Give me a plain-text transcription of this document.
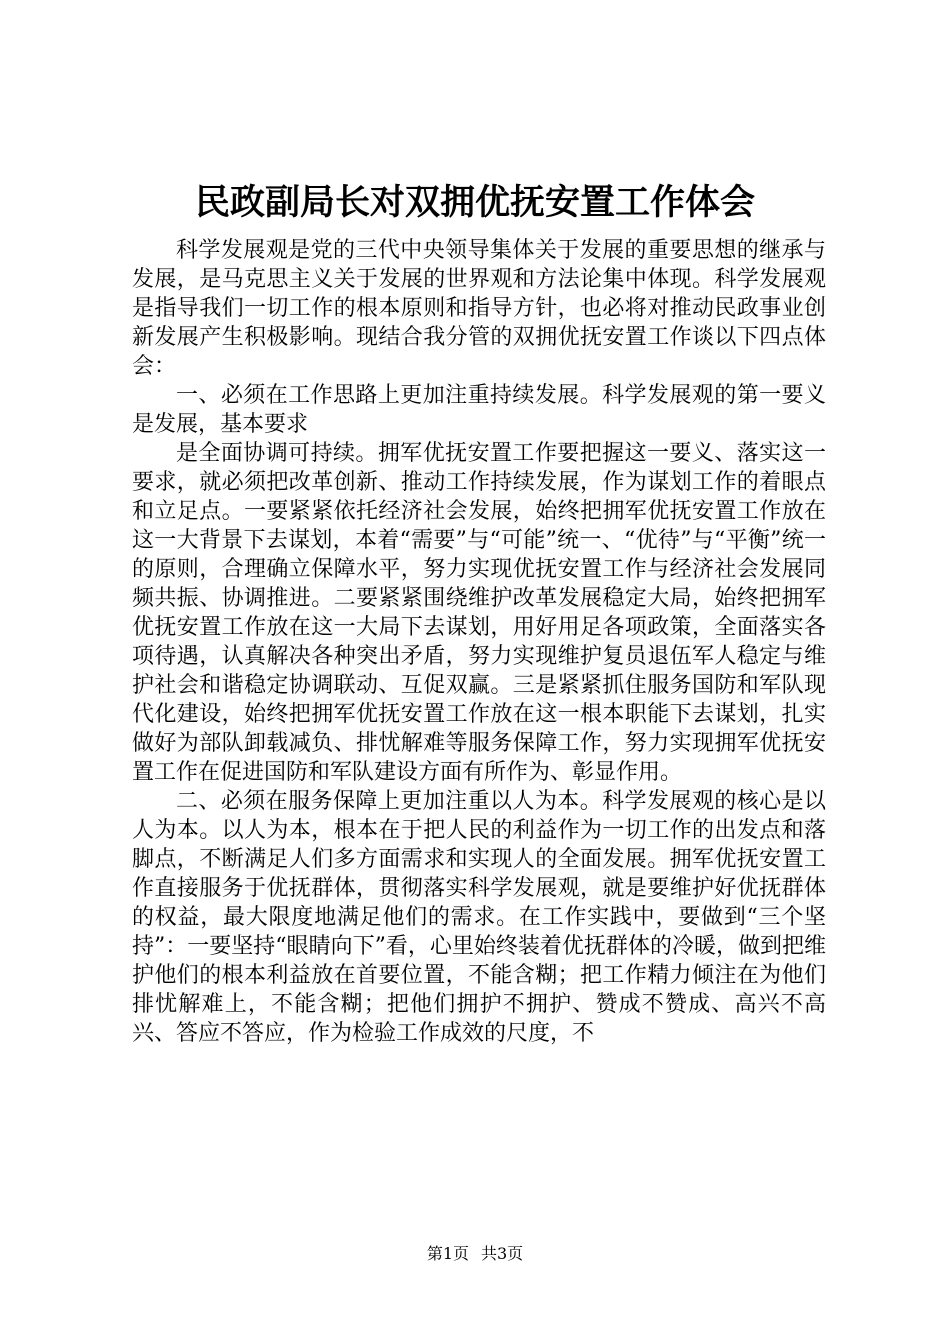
民政副局长对双拥优抚安置工作体会

科学发展观是党的三代中央领导集体关于发展的重要思想的继承与发展，是马克思主义关于发展的世界观和方法论集中体现。科学发展观是指导我们一切工作的根本原则和指导方针，也必将对推动民政事业创新发展产生积极影响。现结合我分管的双拥优抚安置工作谈以下四点体会：

一、必须在工作思路上更加注重持续发展。科学发展观的第一要义是发展，基本要求

是全面协调可持续。拥军优抚安置工作要把握这一要义、落实这一要求，就必须把改革创新、推动工作持续发展，作为谋划工作的着眼点和立足点。一要紧紧依托经济社会发展，始终把拥军优抚安置工作放在这一大背景下去谋划，本着“需要”与“可能”统一、“优待”与“平衡”统一的原则，合理确立保障水平，努力实现优抚安置工作与经济社会发展同频共振、协调推进。二要紧紧围绕维护改革发展稳定大局，始终把拥军优抚安置工作放在这一大局下去谋划，用好用足各项政策，全面落实各项待遇，认真解决各种突出矛盾，努力实现维护复员退伍军人稳定与维护社会和谐稳定协调联动、互促双赢。三是紧紧抓住服务国防和军队现代化建设，始终把拥军优抚安置工作放在这一根本职能下去谋划，扎实做好为部队卸载减负、排忧解难等服务保障工作，努力实现拥军优抚安置工作在促进国防和军队建设方面有所作为、彰显作用。

二、必须在服务保障上更加注重以人为本。科学发展观的核心是以人为本。以人为本，根本在于把人民的利益作为一切工作的出发点和落脚点，不断满足人们多方面需求和实现人的全面发展。拥军优抚安置工作直接服务于优抚群体，贯彻落实科学发展观，就是要维护好优抚群体的权益，最大限度地满足他们的需求。在工作实践中，要做到“三个坚持”：一要坚持“眼睛向下”看，心里始终装着优抚群体的冷暖，做到把维护他们的根本利益放在首要位置，不能含糊；把工作精力倾注在为他们排忧解难上，不能含糊；把他们拥护不拥护、赞成不赞成、高兴不高兴、答应不答应，作为检验工作成效的尺度，不

第1页 共3页
